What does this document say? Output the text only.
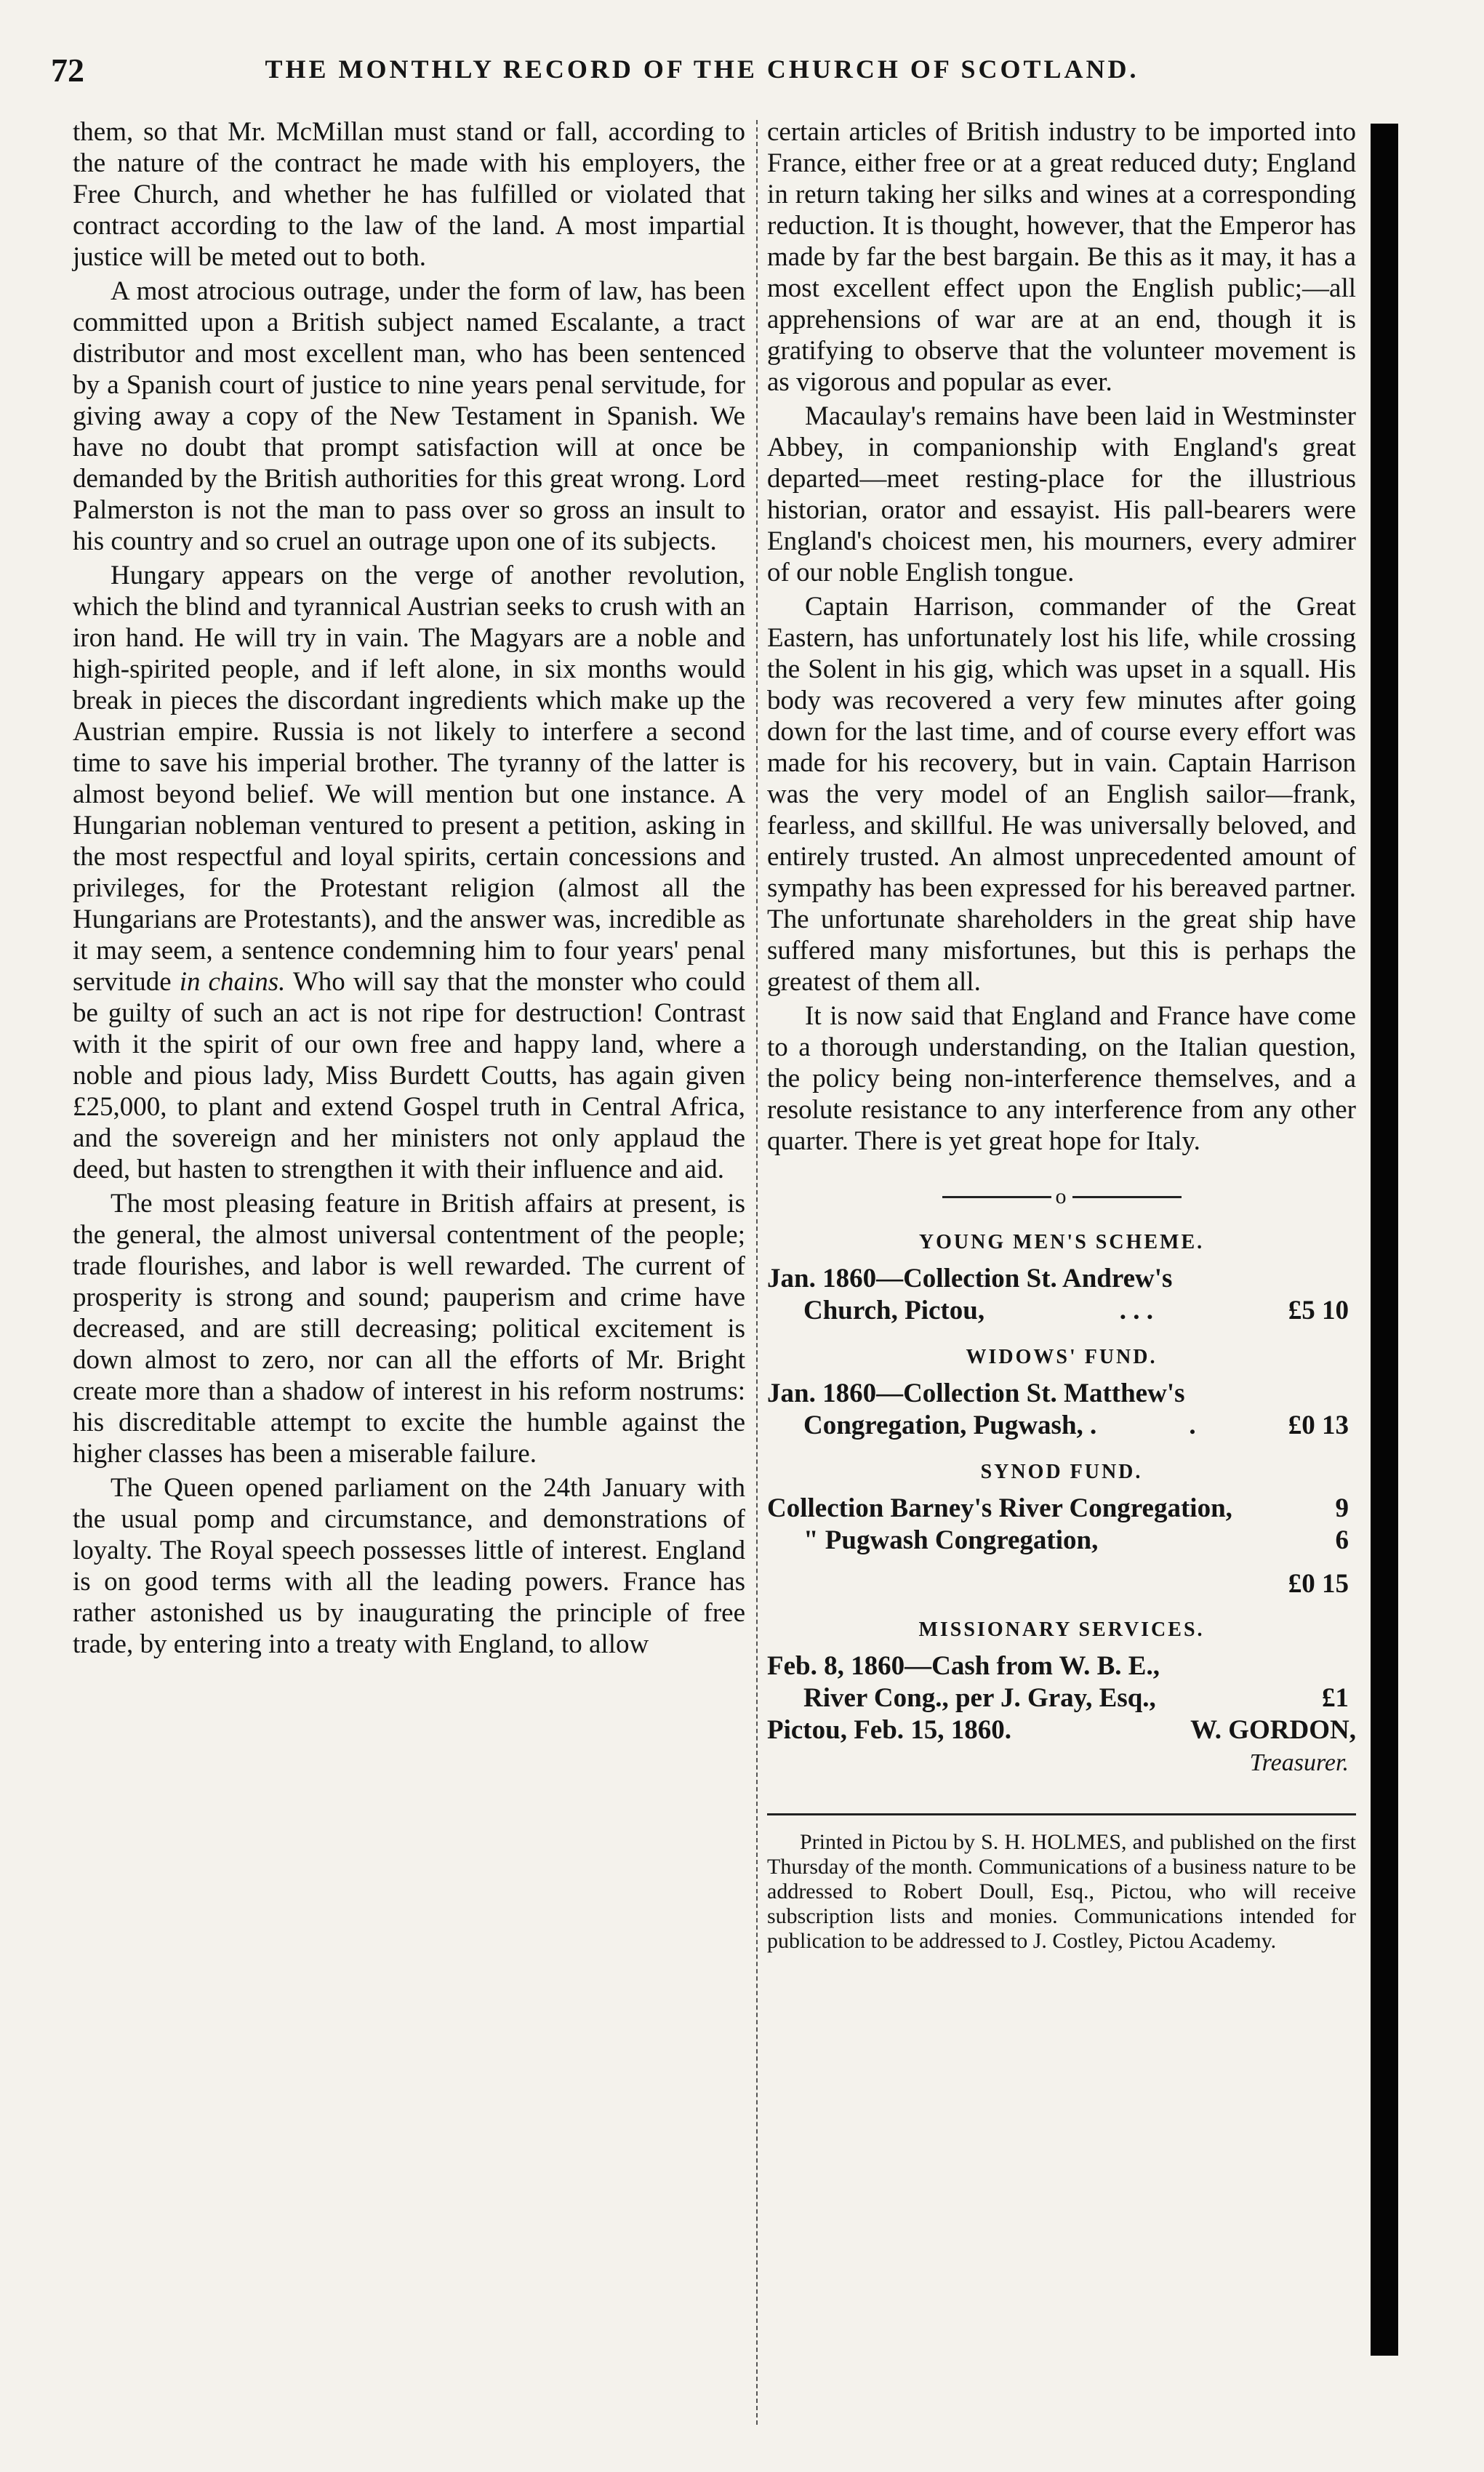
72	THE MONTHLY RECORD OF THE CHURCH OF SCOTLAND.

them, so that Mr. McMillan must stand or fall, according to the nature of the contract he made with his employers, the Free Church, and whether he has fulfilled or violated that contract according to the law of the land. A most impartial justice will be meted out to both.

A most atrocious outrage, under the form of law, has been committed upon a British subject named Escalante, a tract distributor and most excellent man, who has been sentenced by a Spanish court of justice to nine years penal servitude, for giving away a copy of the New Testament in Spanish. We have no doubt that prompt satisfaction will at once be demanded by the British authorities for this great wrong. Lord Palmerston is not the man to pass over so gross an insult to his country and so cruel an outrage upon one of its subjects.

Hungary appears on the verge of another revolution, which the blind and tyrannical Austrian seeks to crush with an iron hand. He will try in vain. The Magyars are a noble and high-spirited people, and if left alone, in six months would break in pieces the discordant ingredients which make up the Austrian empire. Russia is not likely to interfere a second time to save his imperial brother. The tyranny of the latter is almost beyond belief. We will mention but one instance. A Hungarian nobleman ventured to present a petition, asking in the most respectful and loyal spirits, certain concessions and privileges, for the Protestant religion (almost all the Hungarians are Protestants), and the answer was, incredible as it may seem, a sentence condemning him to four years' penal servitude in chains. Who will say that the monster who could be guilty of such an act is not ripe for destruction! Contrast with it the spirit of our own free and happy land, where a noble and pious lady, Miss Burdett Coutts, has again given £25,000, to plant and extend Gospel truth in Central Africa, and the sovereign and her ministers not only applaud the deed, but hasten to strengthen it with their influence and aid.

The most pleasing feature in British affairs at present, is the general, the almost universal contentment of the people; trade flourishes, and labor is well rewarded. The current of prosperity is strong and sound; pauperism and crime have decreased, and are still decreasing; political excitement is down almost to zero, nor can all the efforts of Mr. Bright create more than a shadow of interest in his reform nostrums: his discreditable attempt to excite the humble against the higher classes has been a miserable failure.

The Queen opened parliament on the 24th January with the usual pomp and circumstance, and demonstrations of loyalty. The Royal speech possesses little of interest. England is on good terms with all the leading powers. France has rather astonished us by inaugurating the principle of free trade, by entering into a treaty with England, to allow

certain articles of British industry to be imported into France, either free or at a great reduced duty; England in return taking her silks and wines at a corresponding reduction. It is thought, however, that the Emperor has made by far the best bargain. Be this as it may, it has a most excellent effect upon the English public;—all apprehensions of war are at an end, though it is gratifying to observe that the volunteer movement is as vigorous and popular as ever.

Macaulay's remains have been laid in Westminster Abbey, in companionship with England's great departed—meet resting-place for the illustrious historian, orator and essayist. His pall-bearers were England's choicest men, his mourners, every admirer of our noble English tongue.

Captain Harrison, commander of the Great Eastern, has unfortunately lost his life, while crossing the Solent in his gig, which was upset in a squall. His body was recovered a very few minutes after going down for the last time, and of course every effort was made for his recovery, but in vain. Captain Harrison was the very model of an English sailor—frank, fearless, and skillful. He was universally beloved, and entirely trusted. An almost unprecedented amount of sympathy has been expressed for his bereaved partner. The unfortunate shareholders in the great ship have suffered many misfortunes, but this is perhaps the greatest of them all.

It is now said that England and France have come to a thorough understanding, on the Italian question, the policy being non-interference themselves, and a resolute resistance to any interference from any other quarter. There is yet great hope for Italy.

o
YOUNG MEN'S SCHEME.
Jan. 1860—Collection St. Andrew's
Church, Pictou,	. . .	£5 10
WIDOWS' FUND.
Jan. 1860—Collection St. Matthew's
Congregation, Pugwash, .	.	£0 13
SYNOD FUND.
Collection Barney's River Congregation,	9
" Pugwash Congregation,	6
£0 15
MISSIONARY SERVICES.
Feb. 8, 1860—Cash from W. B. E.,
River Cong., per J. Gray, Esq.,	£1
Pictou, Feb. 15, 1860.	W. GORDON,
Treasurer.
Printed in Pictou by S. H. HOLMES, and published on the first Thursday of the month. Communications of a business nature to be addressed to Robert Doull, Esq., Pictou, who will receive subscription lists and monies. Communications intended for publication to be addressed to J. Costley, Pictou Academy.
